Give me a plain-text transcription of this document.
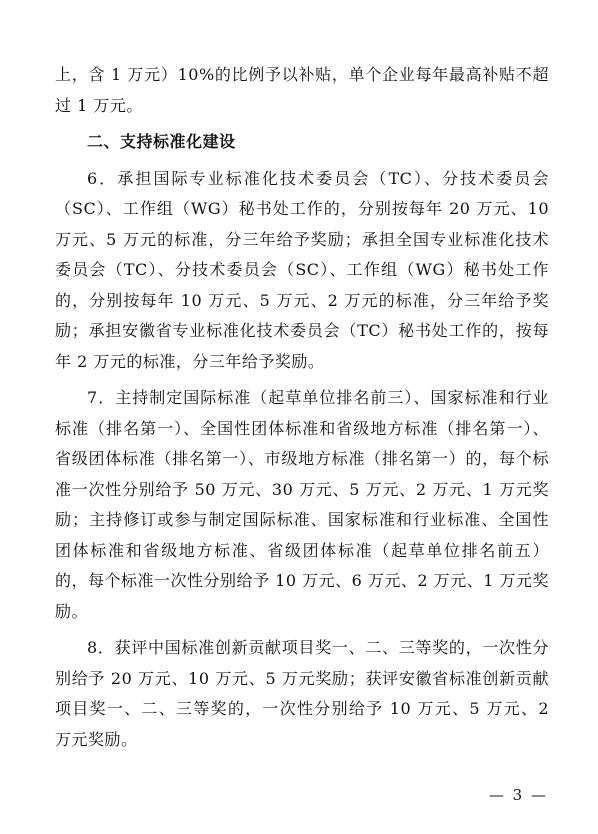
上，含 1 万元）10%的比例予以补贴，单个企业每年最高补贴不超过 1 万元。

二、支持标准化建设

6．承担国际专业标准化技术委员会（TC）、分技术委员会（SC）、工作组（WG）秘书处工作的，分别按每年 20 万元、10 万元、5 万元的标准，分三年给予奖励；承担全国专业标准化技术委员会（TC）、分技术委员会（SC）、工作组（WG）秘书处工作的，分别按每年 10 万元、5 万元、2 万元的标准，分三年给予奖励；承担安徽省专业标准化技术委员会（TC）秘书处工作的，按每年 2 万元的标准，分三年给予奖励。

7．主持制定国际标准（起草单位排名前三）、国家标准和行业标准（排名第一）、全国性团体标准和省级地方标准（排名第一）、省级团体标准（排名第一）、市级地方标准（排名第一）的，每个标准一次性分别给予 50 万元、30 万元、5 万元、2 万元、1 万元奖励；主持修订或参与制定国际标准、国家标准和行业标准、全国性团体标准和省级地方标准、省级团体标准（起草单位排名前五）的，每个标准一次性分别给予 10 万元、6 万元、2 万元、1 万元奖励。

8．获评中国标准创新贡献项目奖一、二、三等奖的，一次性分别给予 20 万元、10 万元、5 万元奖励；获评安徽省标准创新贡献项目奖一、二、三等奖的，一次性分别给予 10 万元、5 万元、2 万元奖励。

— 3 —
